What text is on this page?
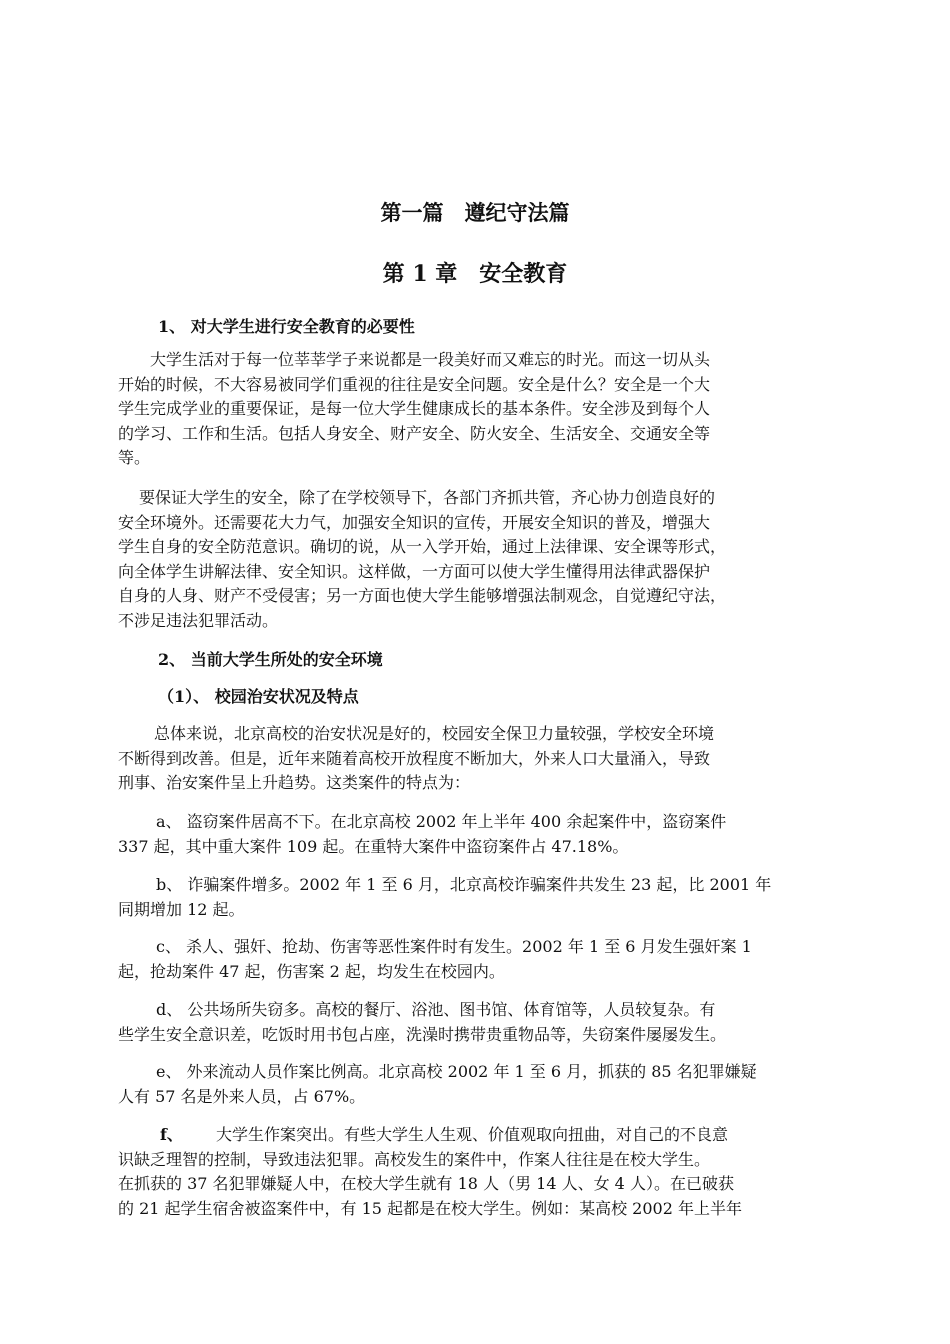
第一篇　遵纪守法篇
第 1 章　安全教育
1、 对大学生进行安全教育的必要性

大学生活对于每一位莘莘学子来说都是一段美好而又难忘的时光。而这一切从头
开始的时候，不大容易被同学们重视的往往是安全问题。安全是什么？安全是一个大
学生完成学业的重要保证，是每一位大学生健康成长的基本条件。安全涉及到每个人
的学习、工作和生活。包括人身安全、财产安全、防火安全、生活安全、交通安全等
等。

要保证大学生的安全，除了在学校领导下，各部门齐抓共管，齐心协力创造良好的
安全环境外。还需要花大力气，加强安全知识的宣传，开展安全知识的普及，增强大
学生自身的安全防范意识。确切的说，从一入学开始，通过上法律课、安全课等形式，
向全体学生讲解法律、安全知识。这样做，一方面可以使大学生懂得用法律武器保护
自身的人身、财产不受侵害；另一方面也使大学生能够增强法制观念，自觉遵纪守法，
不涉足违法犯罪活动。

2、 当前大学生所处的安全环境
（1）、 校园治安状况及特点

总体来说，北京高校的治安状况是好的，校园安全保卫力量较强，学校安全环境
不断得到改善。但是，近年来随着高校开放程度不断加大，外来人口大量涌入，导致
刑事、治安案件呈上升趋势。这类案件的特点为：

a、 盗窃案件居高不下。在北京高校 2002 年上半年 400 余起案件中，盗窃案件
337 起，其中重大案件 109 起。在重特大案件中盗窃案件占 47.18%。

b、 诈骗案件增多。2002 年 1 至 6 月，北京高校诈骗案件共发生 23 起，比 2001 年
同期增加 12 起。

c、 杀人、强奸、抢劫、伤害等恶性案件时有发生。2002 年 1 至 6 月发生强奸案 1
起，抢劫案件 47 起，伤害案 2 起，均发生在校园内。

d、 公共场所失窃多。高校的餐厅、浴池、图书馆、体育馆等，人员较复杂。有
些学生安全意识差，吃饭时用书包占座，洗澡时携带贵重物品等，失窃案件屡屡发生。

e、 外来流动人员作案比例高。北京高校 2002 年 1 至 6 月，抓获的 85 名犯罪嫌疑
人有 57 名是外来人员，占 67%。

f、 大学生作案突出。有些大学生人生观、价值观取向扭曲，对自己的不良意
识缺乏理智的控制，导致违法犯罪。高校发生的案件中，作案人往往是在校大学生。
在抓获的 37 名犯罪嫌疑人中，在校大学生就有 18 人（男 14 人、女 4 人）。在已破获
的 21 起学生宿舍被盗案件中，有 15 起都是在校大学生。例如：某高校 2002 年上半年
